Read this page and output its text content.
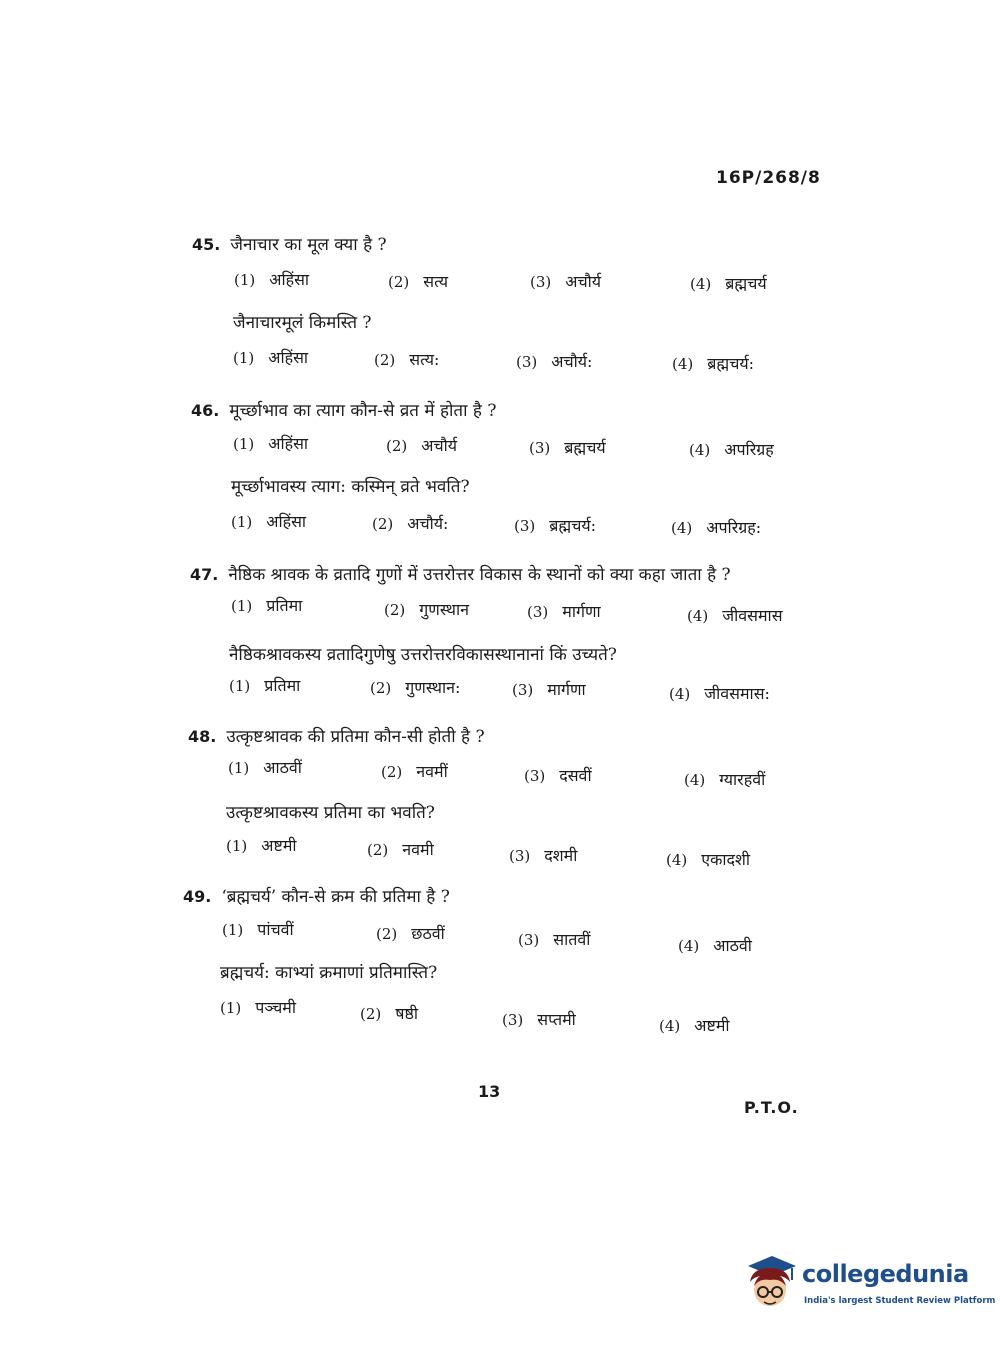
16P/268/8
45. जैनाचार का मूल क्या है ?
(1) अहिंसा	(2) सत्य	(3) अचौर्य	(4) ब्रह्मचर्य
जैनाचारमूलं किमस्ति ?
(1) अहिंसा	(2) सत्य:	(3) अचौर्य:	(4) ब्रह्मचर्य:
46. मूर्च्छाभाव का त्याग कौन-से व्रत में होता है ?
(1) अहिंसा	(2) अचौर्य	(3) ब्रह्मचर्य	(4) अपरिग्रह
मूर्च्छाभावस्य त्याग: कस्मिन् व्रते भवति?
(1) अहिंसा	(2) अचौर्य:	(3) ब्रह्मचर्य:	(4) अपरिग्रह:
47. नैष्ठिक श्रावक के व्रतादि गुणों में उत्तरोत्तर विकास के स्थानों को क्या कहा जाता है ?
(1) प्रतिमा	(2) गुणस्थान	(3) मार्गणा	(4) जीवसमास
नैष्ठिकश्रावकस्य व्रतादिगुणेषु उत्तरोत्तरविकासस्थानानां किं उच्यते?
(1) प्रतिमा	(2) गुणस्थान:	(3) मार्गणा	(4) जीवसमास:
48. उत्कृष्टश्रावक की प्रतिमा कौन-सी होती है ?
(1) आठवीं	(2) नवमीं	(3) दसवीं	(4) ग्यारहवीं
उत्कृष्टश्रावकस्य प्रतिमा का भवति?
(1) अष्टमी	(2) नवमी	(3) दशमी	(4) एकादशी
49. ‘ब्रह्मचर्य’ कौन-से क्रम की प्रतिमा है ?
(1) पांचवीं	(2) छठवीं	(3) सातवीं	(4) आठवी
ब्रह्मचर्य: काभ्यां क्रमाणां प्रतिमास्ति?
(1) पञ्चमी	(2) षष्ठी	(3) सप्तमी	(4) अष्टमी
13
P.T.O.
collegedunia
India's largest Student Review Platform
